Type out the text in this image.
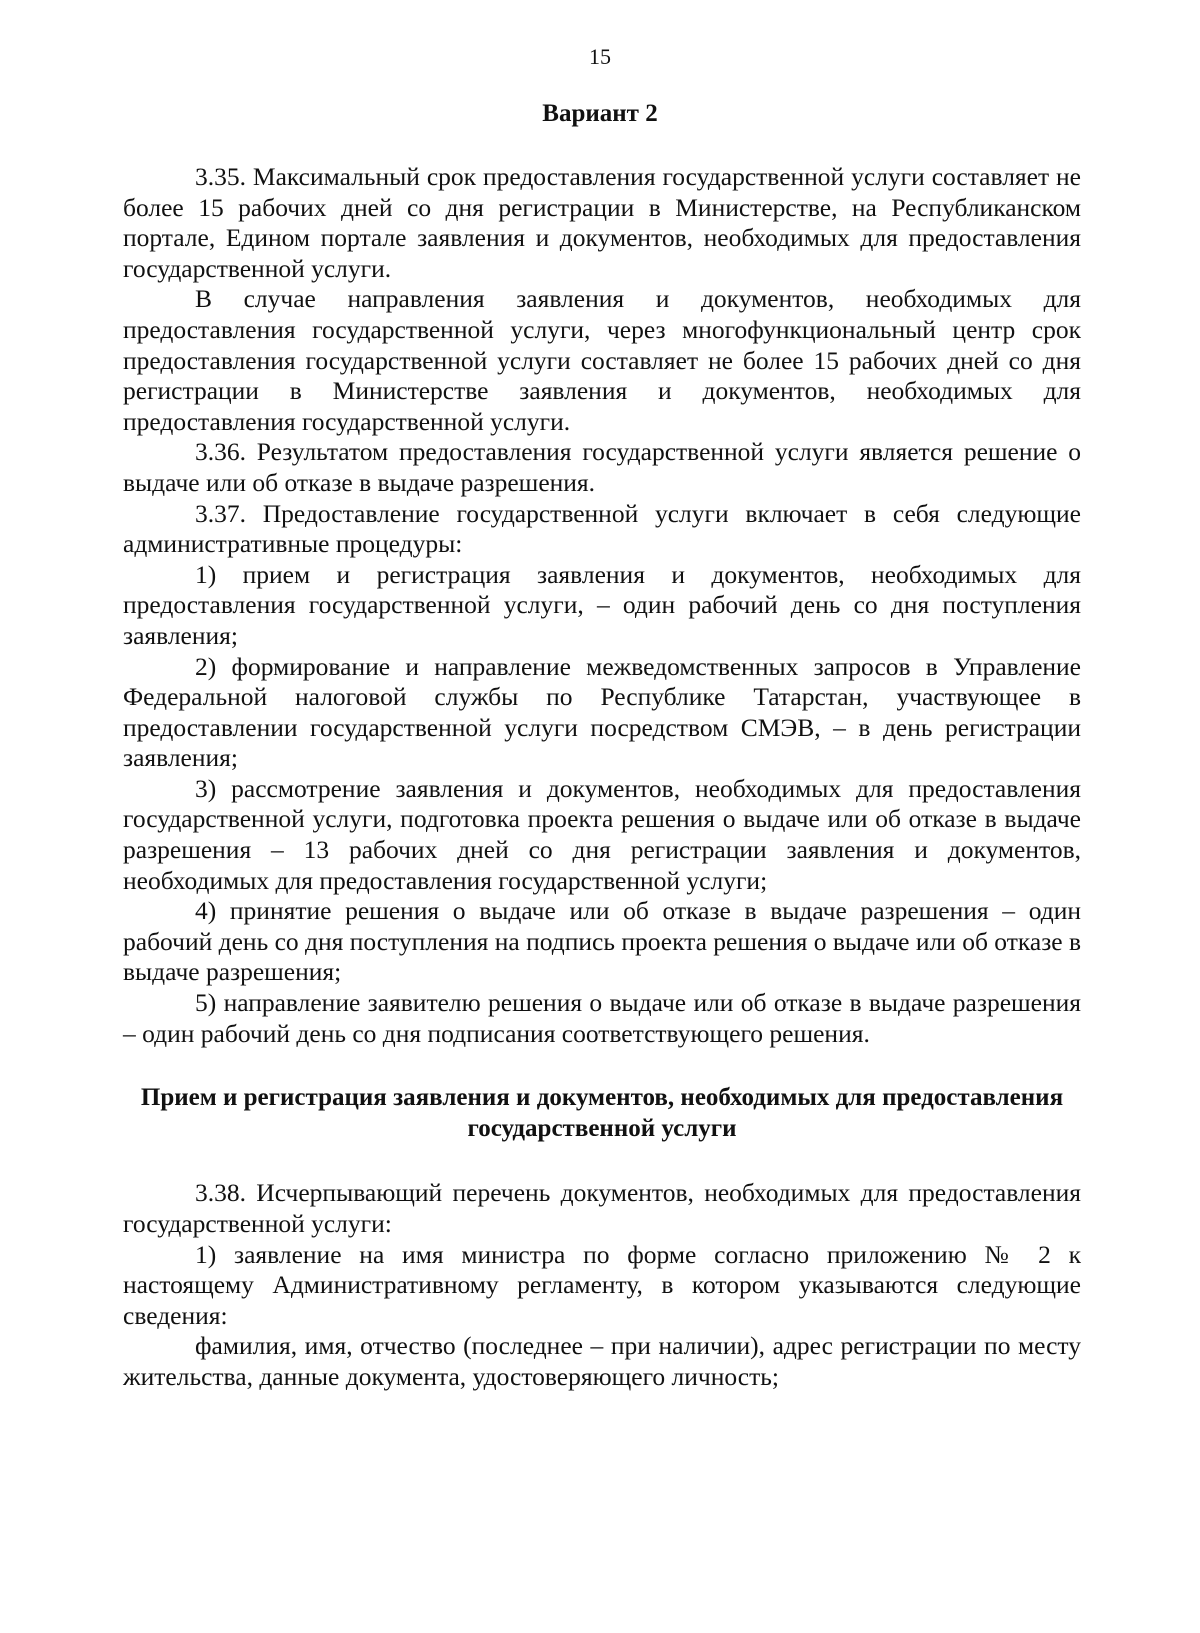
15

Вариант 2

3.35. Максимальный срок предоставления государственной услуги составляет не более 15 рабочих дней со дня регистрации в Министерстве, на Республиканском портале, Едином портале заявления и документов, необходимых для предоставления государственной услуги.

В случае направления заявления и документов, необходимых для предоставления государственной услуги, через многофункциональный центр срок предоставления государственной услуги составляет не более 15 рабочих дней со дня регистрации в Министерстве заявления и документов, необходимых для предоставления государственной услуги.

3.36. Результатом предоставления государственной услуги является решение о выдаче или об отказе в выдаче разрешения.

3.37. Предоставление государственной услуги включает в себя следующие административные процедуры:

1) прием и регистрация заявления и документов, необходимых для предоставления государственной услуги, – один рабочий день со дня поступления заявления;

2) формирование и направление межведомственных запросов в Управление Федеральной налоговой службы по Республике Татарстан, участвующее в предоставлении государственной услуги посредством СМЭВ, – в день регистрации заявления;

3) рассмотрение заявления и документов, необходимых для предоставления государственной услуги, подготовка проекта решения о выдаче или об отказе в выдаче разрешения – 13 рабочих дней со дня регистрации заявления и документов, необходимых для предоставления государственной услуги;

4) принятие решения о выдаче или об отказе в выдаче разрешения – один рабочий день со дня поступления на подпись проекта решения о выдаче или об отказе в выдаче разрешения;

5) направление заявителю решения о выдаче или об отказе в выдаче разрешения – один рабочий день со дня подписания соответствующего решения.

Прием и регистрация заявления и документов, необходимых для предоставления государственной услуги

3.38. Исчерпывающий перечень документов, необходимых для предоставления государственной услуги:

1) заявление на имя министра по форме согласно приложению № 2 к настоящему Административному регламенту, в котором указываются следующие сведения:

фамилия, имя, отчество (последнее – при наличии), адрес регистрации по месту жительства, данные документа, удостоверяющего личность;
